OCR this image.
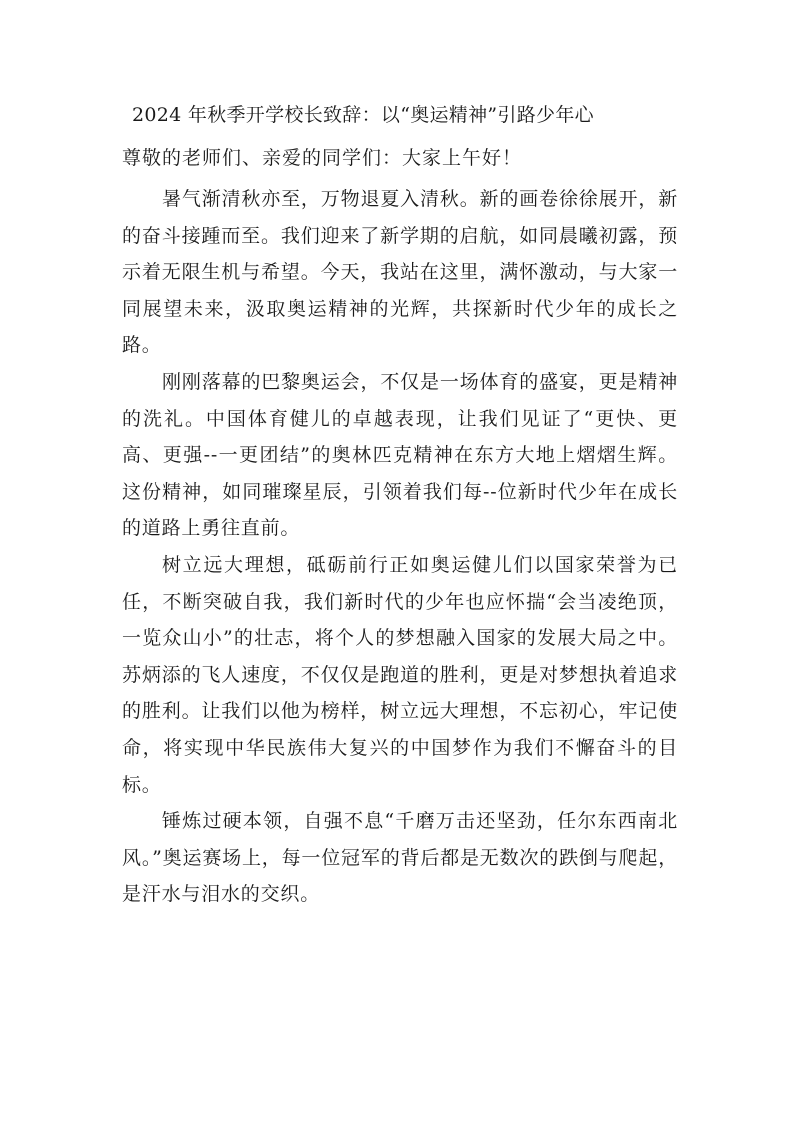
2024 年秋季开学校长致辞：以“奥运精神”引路少年心
尊敬的老师们、亲爱的同学们：大家上午好！

暑气渐清秋亦至，万物退夏入清秋。新的画卷徐徐展开，新的奋斗接踵而至。我们迎来了新学期的启航，如同晨曦初露，预示着无限生机与希望。今天，我站在这里，满怀激动，与大家一同展望未来，汲取奥运精神的光辉，共探新时代少年的成长之路。

刚刚落幕的巴黎奥运会，不仅是一场体育的盛宴，更是精神的洗礼。中国体育健儿的卓越表现，让我们见证了“更快、更高、更强--一更团结”的奥林匹克精神在东方大地上熠熠生辉。这份精神，如同璀璨星辰，引领着我们每--位新时代少年在成长的道路上勇往直前。

树立远大理想，砥砺前行正如奥运健儿们以国家荣誉为已任，不断突破自我，我们新时代的少年也应怀揣“会当凌绝顶，一览众山小”的壮志，将个人的梦想融入国家的发展大局之中。苏炳添的飞人速度，不仅仅是跑道的胜利，更是对梦想执着追求的胜利。让我们以他为榜样，树立远大理想，不忘初心，牢记使命，将实现中华民族伟大复兴的中国梦作为我们不懈奋斗的目标。

锤炼过硬本领，自强不息“千磨万击还坚劲，任尔东西南北风。”奥运赛场上，每一位冠军的背后都是无数次的跌倒与爬起，是汗水与泪水的交织。
